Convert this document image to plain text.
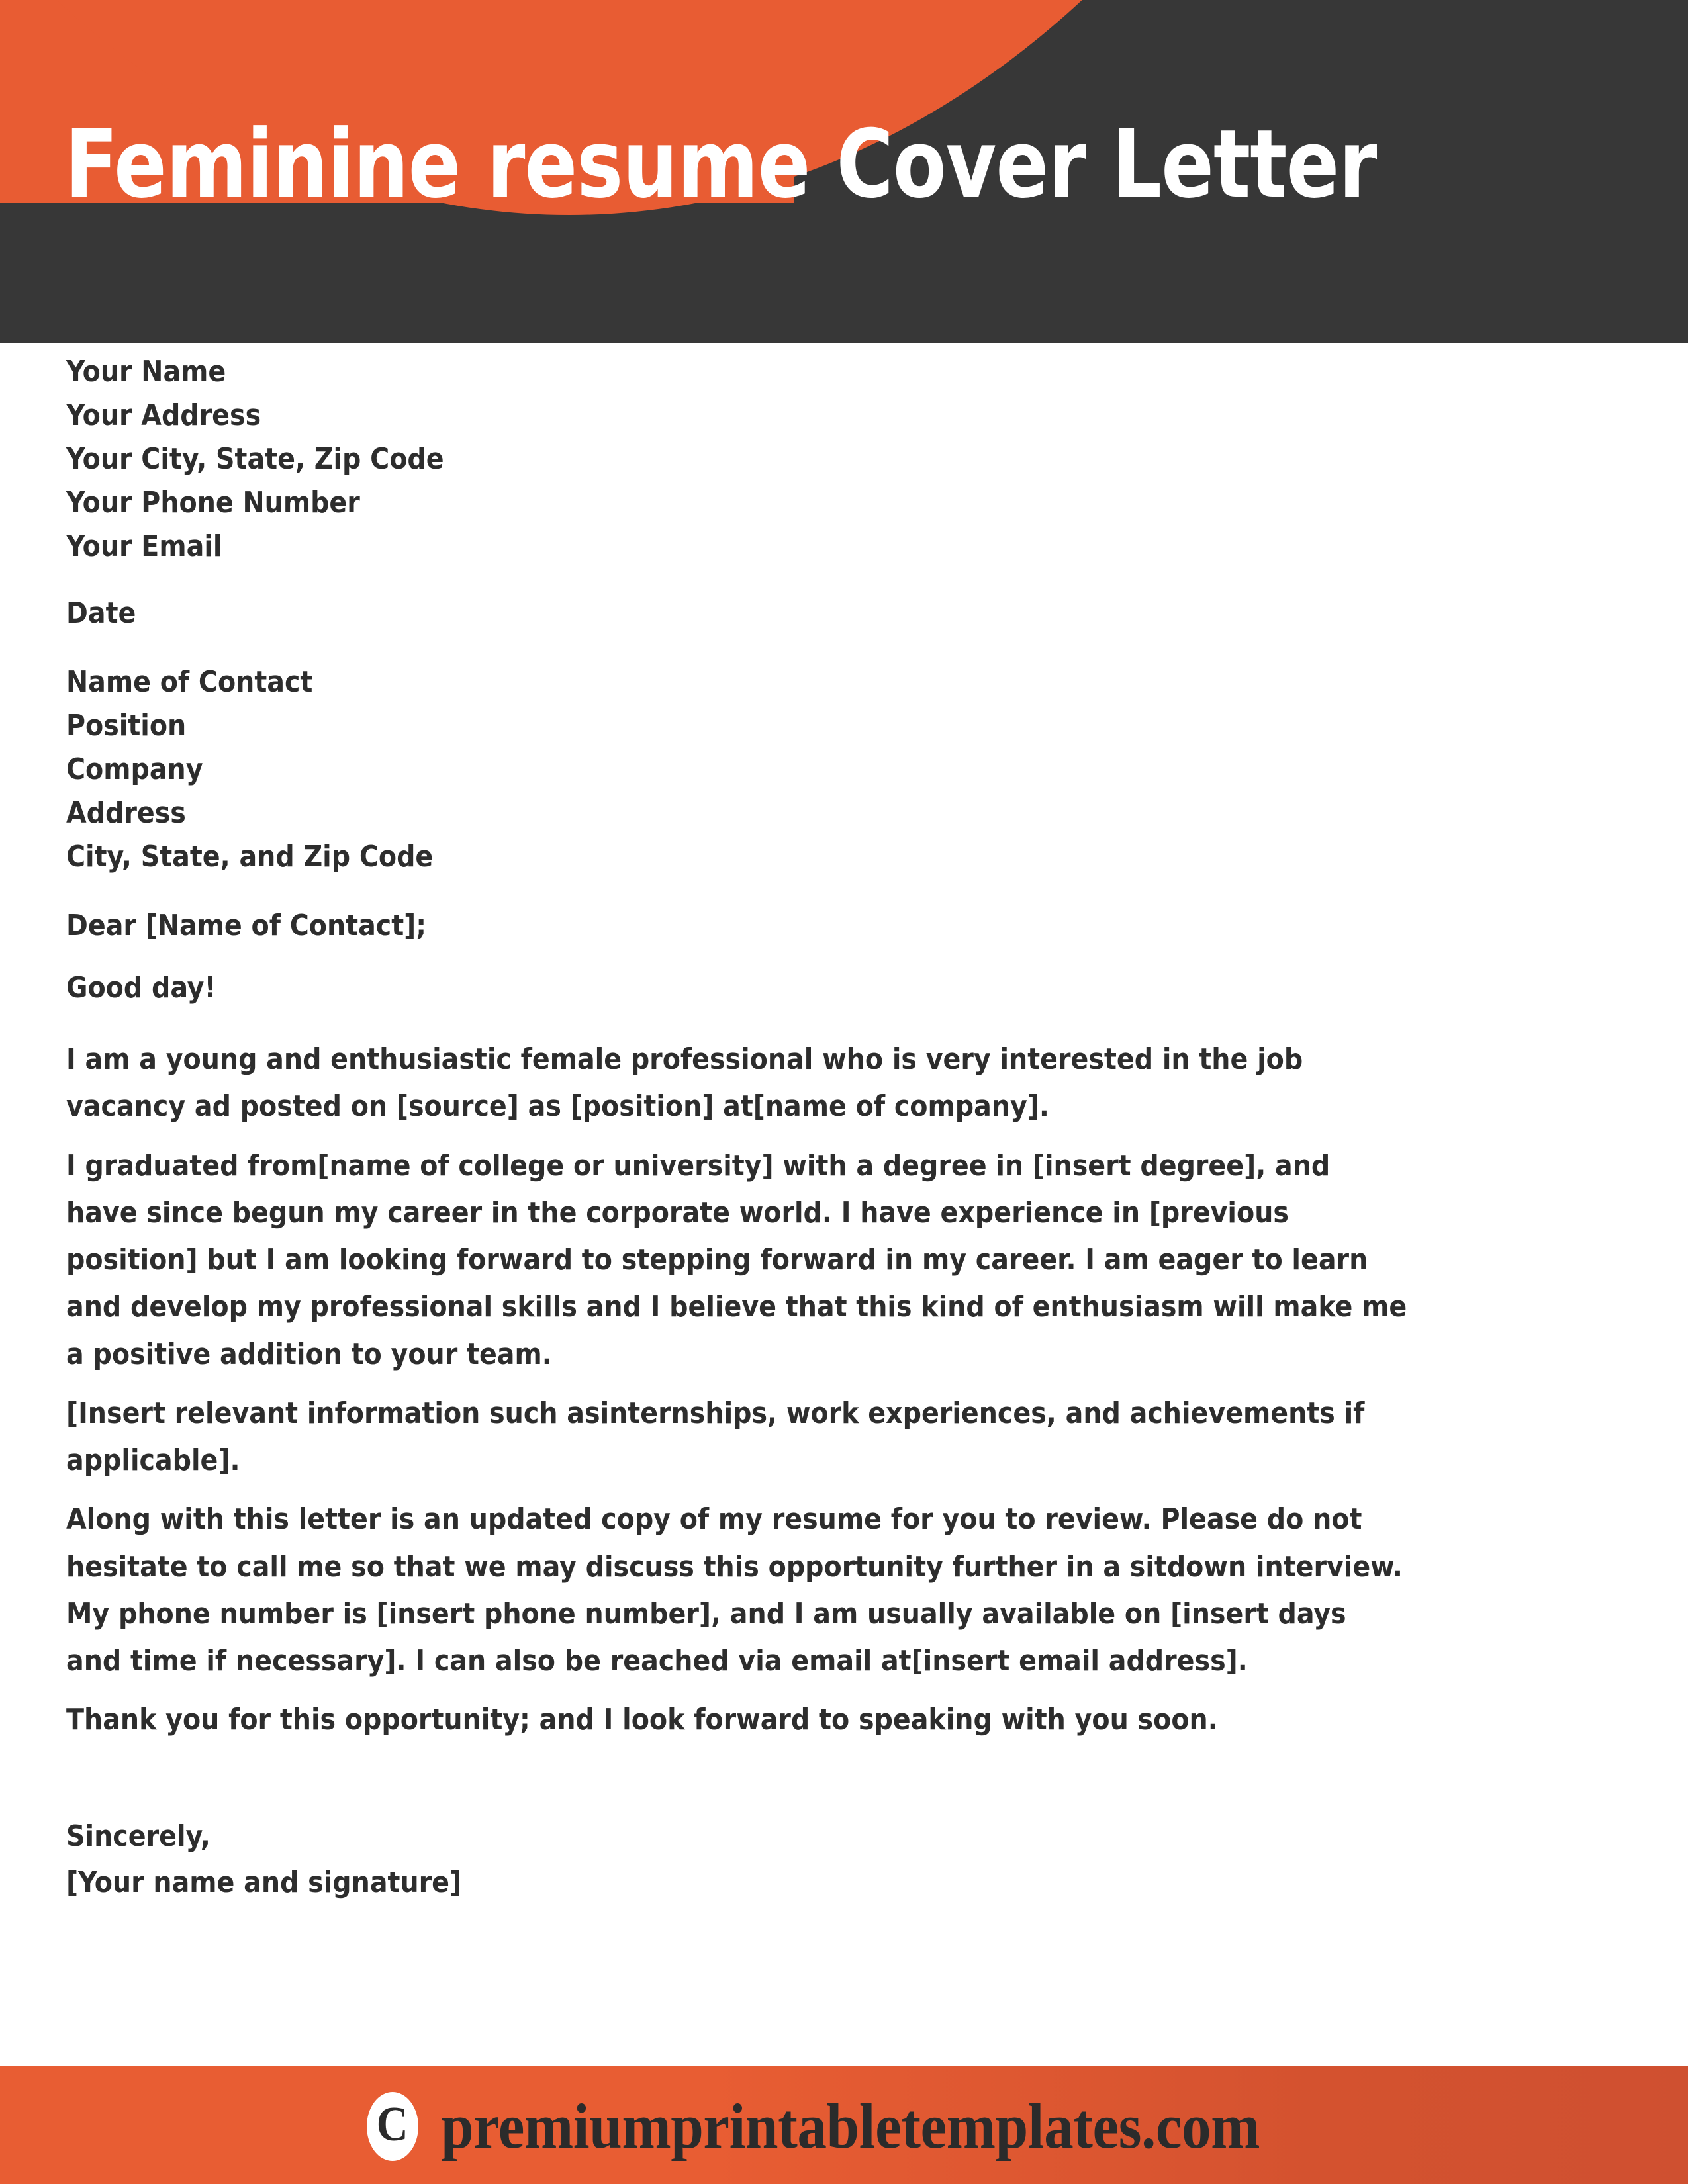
Feminine resume Cover Letter
Your Name
Your Address
Your City, State, Zip Code
Your Phone Number
Your Email
Date
Name of Contact
Position
Company
Address
City, State, and Zip Code
Dear [Name of Contact];
Good day!

I am a young and enthusiastic female professional who is very interested in the job vacancy ad posted on [source] as [position] at[name of company].

I graduated from[name of college or university] with a degree in [insert degree], and have since begun my career in the corporate world. I have experience in [previous position] but I am looking forward to stepping forward in my career. I am eager to learn and develop my professional skills and I believe that this kind of enthusiasm will make me a positive addition to your team.

[Insert relevant information such asinternships, work experiences, and achievements if applicable].

Along with this letter is an updated copy of my resume for you to review. Please do not hesitate to call me so that we may discuss this opportunity further in a sitdown interview. My phone number is [insert phone number], and I am usually available on [insert days and time if necessary]. I can also be reached via email at[insert email address].

Thank you for this opportunity; and I look forward to speaking with you soon.

Sincerely,
[Your name and signature]
C premiumprintabletemplates.com
